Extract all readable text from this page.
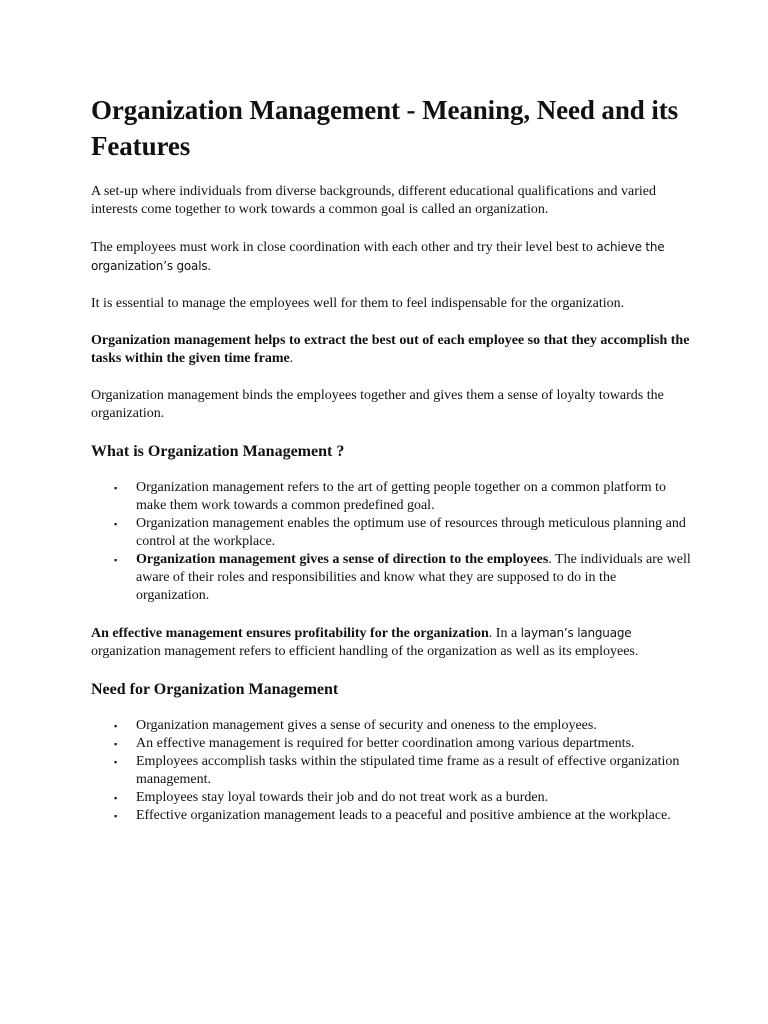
Organization Management - Meaning, Need and its Features

A set-up where individuals from diverse backgrounds, different educational qualifications and varied interests come together to work towards a common goal is called an organization.

The employees must work in close coordination with each other and try their level best to achieve the organization’s goals.

It is essential to manage the employees well for them to feel indispensable for the organization.

Organization management helps to extract the best out of each employee so that they accomplish the tasks within the given time frame.

Organization management binds the employees together and gives them a sense of loyalty towards the organization.

What is Organization Management ?
▪ Organization management refers to the art of getting people together on a common platform to make them work towards a common predefined goal.
▪ Organization management enables the optimum use of resources through meticulous planning and control at the workplace.
▪ Organization management gives a sense of direction to the employees. The individuals are well aware of their roles and responsibilities and know what they are supposed to do in the organization.

An effective management ensures profitability for the organization. In a layman’s language organization management refers to efficient handling of the organization as well as its employees.

Need for Organization Management
▪ Organization management gives a sense of security and oneness to the employees.
▪ An effective management is required for better coordination among various departments.
▪ Employees accomplish tasks within the stipulated time frame as a result of effective organization management.
▪ Employees stay loyal towards their job and do not treat work as a burden.
▪ Effective organization management leads to a peaceful and positive ambience at the workplace.
